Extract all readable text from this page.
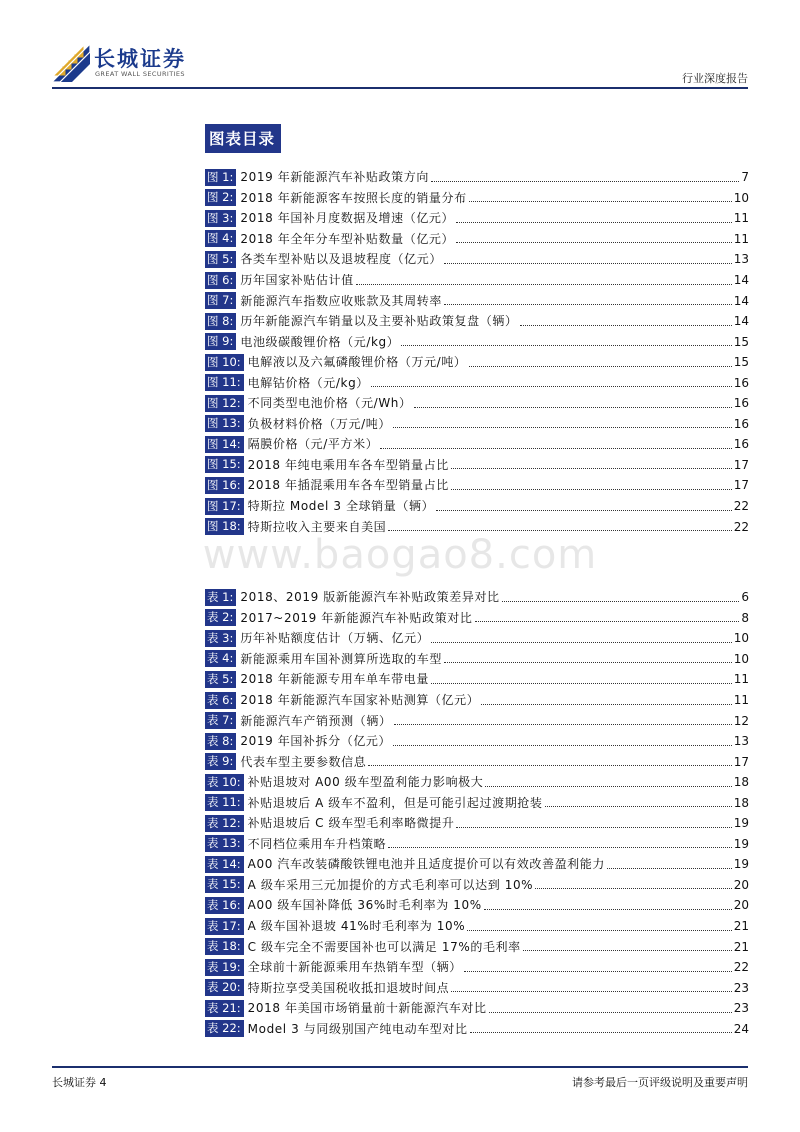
长城证券
GREAT WALL SECURITIES	行业深度报告
图表目录
图 1: 2019 年新能源汽车补贴政策方向	7
图 2: 2018 年新能源客车按照长度的销量分布	10
图 3: 2018 年国补月度数据及增速（亿元）	11
图 4: 2018 年全年分车型补贴数量（亿元）	11
图 5: 各类车型补贴以及退坡程度（亿元）	13
图 6: 历年国家补贴估计值	14
图 7: 新能源汽车指数应收账款及其周转率	14
图 8: 历年新能源汽车销量以及主要补贴政策复盘（辆）	14
图 9: 电池级碳酸锂价格（元/kg）	15
图 10: 电解液以及六氟磷酸锂价格（万元/吨）	15
图 11: 电解钴价格（元/kg）	16
图 12: 不同类型电池价格（元/Wh）	16
图 13: 负极材料价格（万元/吨）	16
图 14: 隔膜价格（元/平方米）	16
图 15: 2018 年纯电乘用车各车型销量占比	17
图 16: 2018 年插混乘用车各车型销量占比	17
图 17: 特斯拉 Model 3 全球销量（辆）	22
图 18: 特斯拉收入主要来自美国	22
表 1: 2018、2019 版新能源汽车补贴政策差异对比	6
表 2: 2017~2019 年新能源汽车补贴政策对比	8
表 3: 历年补贴额度估计（万辆、亿元）	10
表 4: 新能源乘用车国补测算所选取的车型	10
表 5: 2018 年新能源专用车单车带电量	11
表 6: 2018 年新能源汽车国家补贴测算（亿元）	11
表 7: 新能源汽车产销预测（辆）	12
表 8: 2019 年国补拆分（亿元）	13
表 9: 代表车型主要参数信息	17
表 10: 补贴退坡对 A00 级车型盈利能力影响极大	18
表 11: 补贴退坡后 A 级车不盈利，但是可能引起过渡期抢装	18
表 12: 补贴退坡后 C 级车型毛利率略微提升	19
表 13: 不同档位乘用车升档策略	19
表 14: A00 汽车改装磷酸铁锂电池并且适度提价可以有效改善盈利能力	19
表 15: A 级车采用三元加提价的方式毛利率可以达到 10%	20
表 16: A00 级车国补降低 36%时毛利率为 10%	20
表 17: A 级车国补退坡 41%时毛利率为 10%	21
表 18: C 级车完全不需要国补也可以满足 17%的毛利率	21
表 19: 全球前十新能源乘用车热销车型（辆）	22
表 20: 特斯拉享受美国税收抵扣退坡时间点	23
表 21: 2018 年美国市场销量前十新能源汽车对比	23
表 22: Model 3 与同级别国产纯电动车型对比	24
www.baogao8.com
长城证券 4	请参考最后一页评级说明及重要声明
